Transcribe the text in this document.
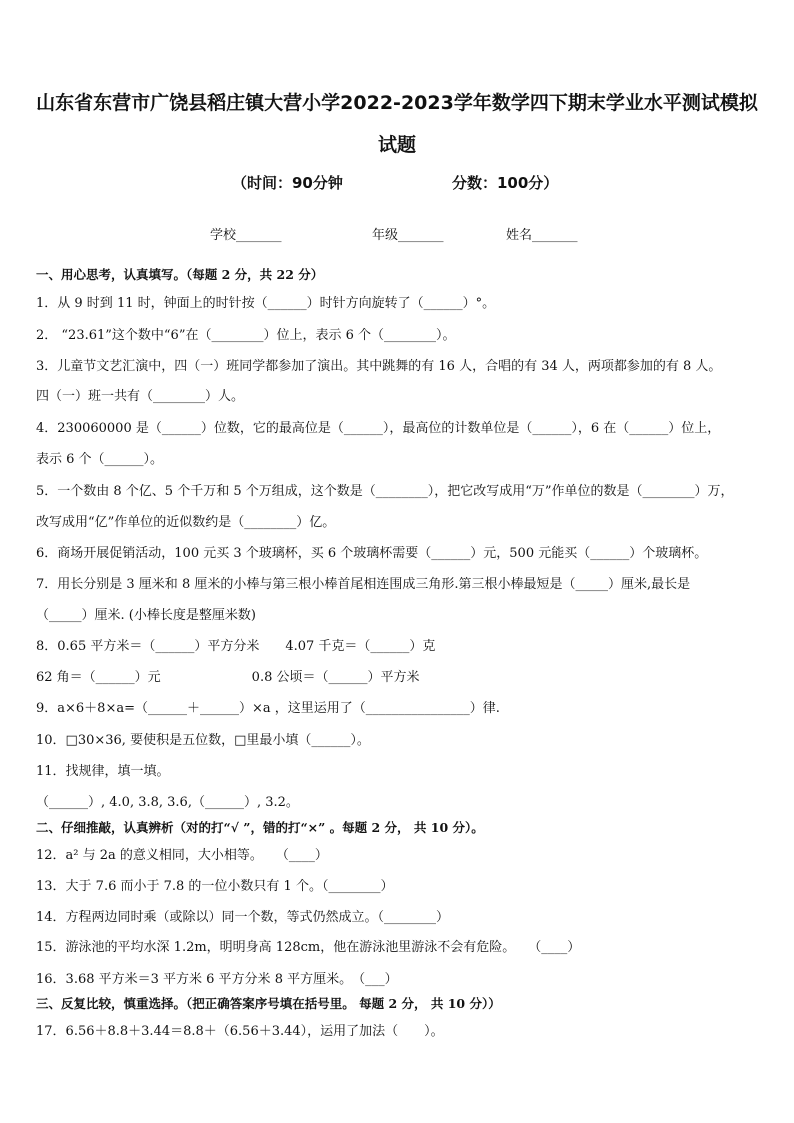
山东省东营市广饶县稻庄镇大营小学2022-2023学年数学四下期末学业水平测试模拟
试题
（时间：90分钟	分数：100分）
学校_______	年级_______	姓名_______
一、用心思考，认真填写。（每题 2 分，共 22 分）
1．从 9 时到 11 时，钟面上的时针按（______）时针方向旋转了（______）°。
2． “23.61”这个数中“6”在（________）位上，表示 6 个（________）。
3．儿童节文艺汇演中，四（一）班同学都参加了演出。其中跳舞的有 16 人，合唱的有 34 人，两项都参加的有 8 人。
四（一）班一共有（________）人。
4．230060000 是（______）位数，它的最高位是（______），最高位的计数单位是（______），6 在（______）位上，
表示 6 个（______）。
5．一个数由 8 个亿、5 个千万和 5 个万组成，这个数是（________），把它改写成用“万”作单位的数是（________）万，
改写成用“亿”作单位的近似数约是（________）亿。
6．商场开展促销活动，100 元买 3 个玻璃杯，买 6 个玻璃杯需要（______）元，500 元能买（______）个玻璃杯。
7．用长分别是 3 厘米和 8 厘米的小棒与第三根小棒首尾相连围成三角形.第三根小棒最短是（_____）厘米,最长是
（_____）厘米. (小棒长度是整厘米数)
8．0.65 平方米＝（______）平方分米　　4.07 千克＝（______）克
62 角＝（______）元　　　　　　　0.8 公顷＝（______）平方米
9．a×6＋8×a=（______＋______）×a ，这里运用了（________________）律.
10．□30×36, 要使积是五位数，□里最小填（______）。
11．找规律，填一填。
（______）, 4.0, 3.8, 3.6,（______）, 3.2。
二、仔细推敲，认真辨析（对的打“√ ”，错的打“×” 。每题 2 分， 共 10 分）。
12．a² 与 2a 的意义相同，大小相等。　　（____）
13．大于 7.6 而小于 7.8 的一位小数只有 1 个。（________）
14．方程两边同时乘（或除以）同一个数，等式仍然成立。（________）
15．游泳池的平均水深 1.2m，明明身高 128cm，他在游泳池里游泳不会有危险。　　（____）
16．3.68 平方米＝3 平方米 6 平方分米 8 平方厘米。　（___）
三、反复比较，慎重选择。（把正确答案序号填在括号里。 每题 2 分， 共 10 分））
17．6.56＋8.8＋3.44＝8.8＋（6.56＋3.44），运用了加法（　　）。
